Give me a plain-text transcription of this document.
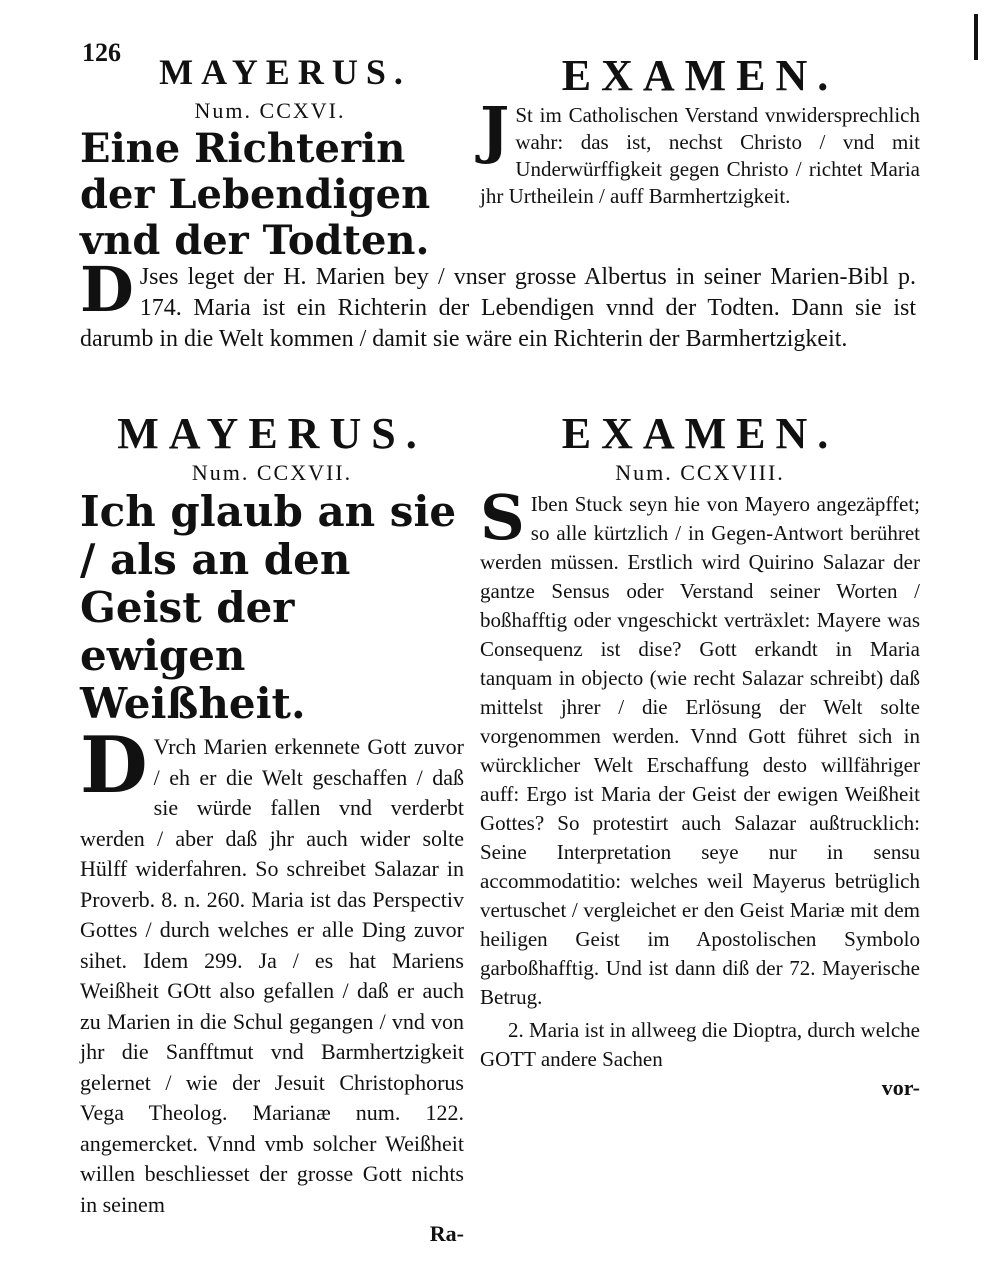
126	MAYERUS.
Num. CCXVI.
Eine Richterin der Lebendigen vnd der Todten.
EXAMEN.
J St im Catholischen Verstand vnwidersprechlich wahr: das ist, nechst Christo / vnd mit Underwürffigkeit gegen Christo / richtet Maria jhr Urtheilein / auff Barmhertzigkeit.
D Jses leget der H. Marien bey / vnser grosse Albertus in seiner Marien-Bibl p. 174. Maria ist ein Richterin der Lebendigen vnnd der Todten. Dann sie ist darumb in die Welt kommen / damit sie wäre ein Richterin der Barmhertzigkeit.
MAYERUS.
Num. CCXVII.
Ich glaub an sie / als an den Geist der ewigen Weißheit.
D Vrch Marien erkennete Gott zuvor / eh er die Welt geschaffen / daß sie würde fallen vnd verderbt werden / aber daß jhr auch wider solte Hülff widerfahren. So schreibet Salazar in Proverb. 8. n. 260. Maria ist das Perspectiv Gottes / durch welches er alle Ding zuvor sihet. Idem 299. Ja / es hat Mariens Weißheit GOtt also gefallen / daß er auch zu Marien in die Schul gegangen / vnd von jhr die Sanfftmut vnd Barmhertzigkeit gelernet / wie der Jesuit Christophorus Vega Theolog. Marianæ num. 122. angemercket. Vnnd vmb solcher Weißheit willen beschliesset der grosse Gott nichts in seinem
Ra-
EXAMEN.
Num. CCXVIII.
S Iben Stuck seyn hie von Mayero angezäpffet; so alle kürtzlich / in Gegen-Antwort berühret werden müssen. Erstlich wird Quirino Salazar der gantze Sensus oder Verstand seiner Worten / boßhafftig oder vngeschickt verträxlet: Mayere was Consequenz ist dise? Gott erkandt in Maria tanquam in objecto (wie recht Salazar schreibt) daß mittelst jhrer / die Erlösung der Welt solte vorgenommen werden. Vnnd Gott führet sich in würcklicher Welt Erschaffung desto willfähriger auff: Ergo ist Maria der Geist der ewigen Weißheit Gottes? So protestirt auch Salazar außtrucklich: Seine Interpretation seye nur in sensu accommodatitio: welches weil Mayerus betrüglich vertuschet / vergleichet er den Geist Mariæ mit dem heiligen Geist im Apostolischen Symbolo garboßhafftig. Und ist dann diß der 72. Mayerische Betrug.
2. Maria ist in allweeg die Dioptra, durch welche GOTT andere Sachen
vor-
